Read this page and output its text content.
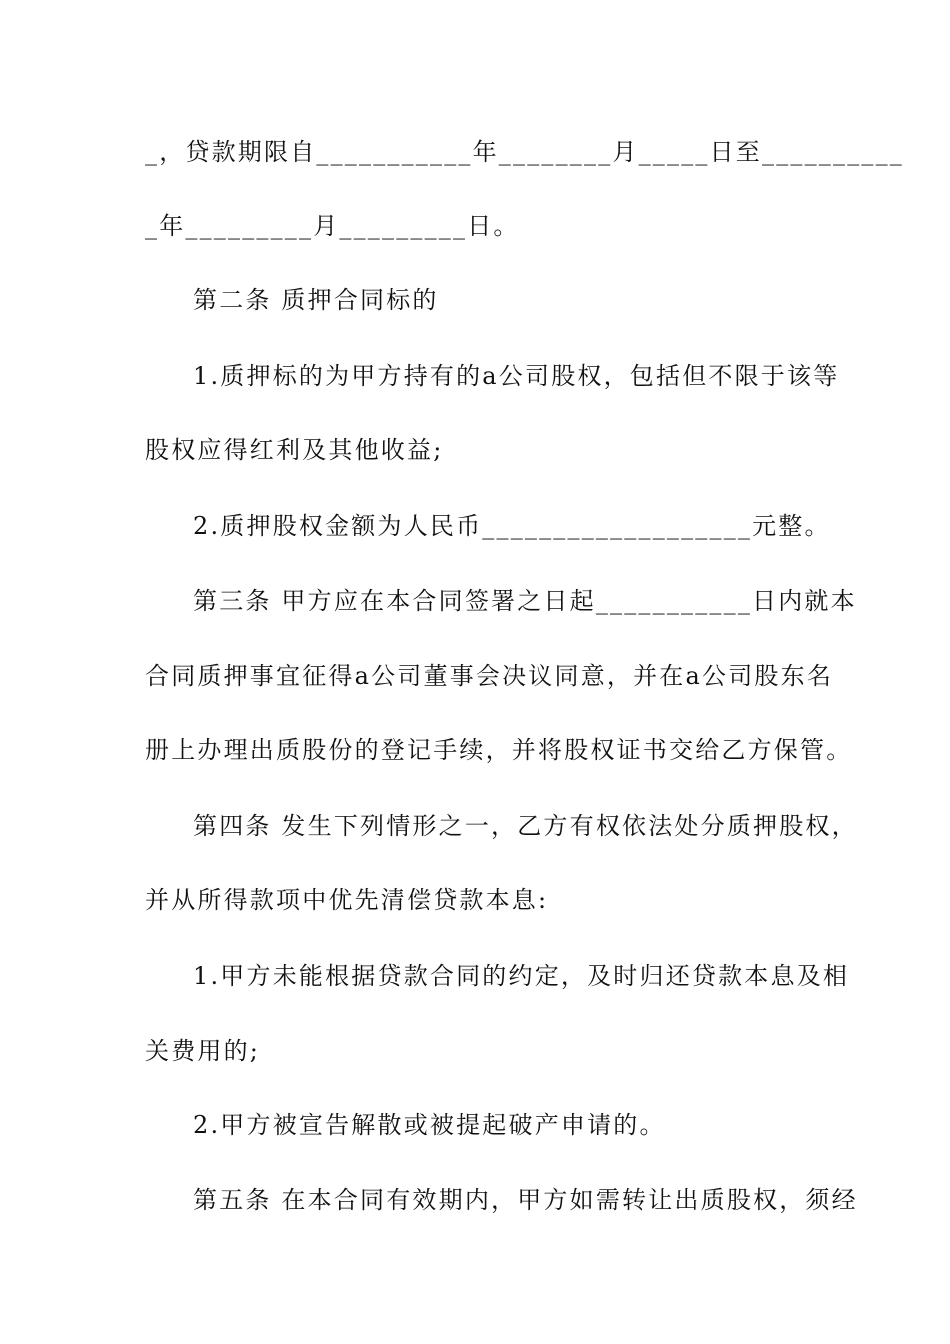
_，贷款期限自___________年________月_____日至__________
_年_________月_________日。
第二条 质押合同标的
1.质押标的为甲方持有的a公司股权，包括但不限于该等
股权应得红利及其他收益;
2.质押股权金额为人民币___________________元整。
第三条 甲方应在本合同签署之日起___________日内就本
合同质押事宜征得a公司董事会决议同意，并在a公司股东名
册上办理出质股份的登记手续，并将股权证书交给乙方保管。
第四条 发生下列情形之一，乙方有权依法处分质押股权，
并从所得款项中优先清偿贷款本息:
1.甲方未能根据贷款合同的约定，及时归还贷款本息及相
关费用的;
2.甲方被宣告解散或被提起破产申请的。
第五条 在本合同有效期内，甲方如需转让出质股权，须经
